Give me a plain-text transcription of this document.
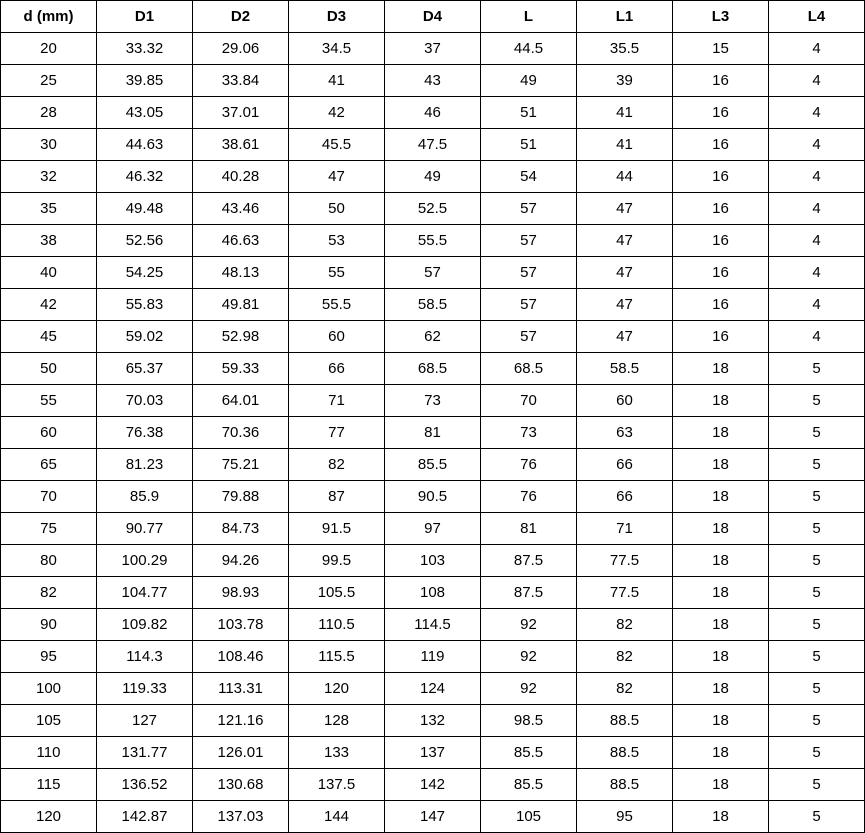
d (mm)	D1	D2	D3	D4	L	L1	L3	L4
20	33.32	29.06	34.5	37	44.5	35.5	15	4
25	39.85	33.84	41	43	49	39	16	4
28	43.05	37.01	42	46	51	41	16	4
30	44.63	38.61	45.5	47.5	51	41	16	4
32	46.32	40.28	47	49	54	44	16	4
35	49.48	43.46	50	52.5	57	47	16	4
38	52.56	46.63	53	55.5	57	47	16	4
40	54.25	48.13	55	57	57	47	16	4
42	55.83	49.81	55.5	58.5	57	47	16	4
45	59.02	52.98	60	62	57	47	16	4
50	65.37	59.33	66	68.5	68.5	58.5	18	5
55	70.03	64.01	71	73	70	60	18	5
60	76.38	70.36	77	81	73	63	18	5
65	81.23	75.21	82	85.5	76	66	18	5
70	85.9	79.88	87	90.5	76	66	18	5
75	90.77	84.73	91.5	97	81	71	18	5
80	100.29	94.26	99.5	103	87.5	77.5	18	5
82	104.77	98.93	105.5	108	87.5	77.5	18	5
90	109.82	103.78	110.5	114.5	92	82	18	5
95	114.3	108.46	115.5	119	92	82	18	5
100	119.33	113.31	120	124	92	82	18	5
105	127	121.16	128	132	98.5	88.5	18	5
110	131.77	126.01	133	137	85.5	88.5	18	5
115	136.52	130.68	137.5	142	85.5	88.5	18	5
120	142.87	137.03	144	147	105	95	18	5
